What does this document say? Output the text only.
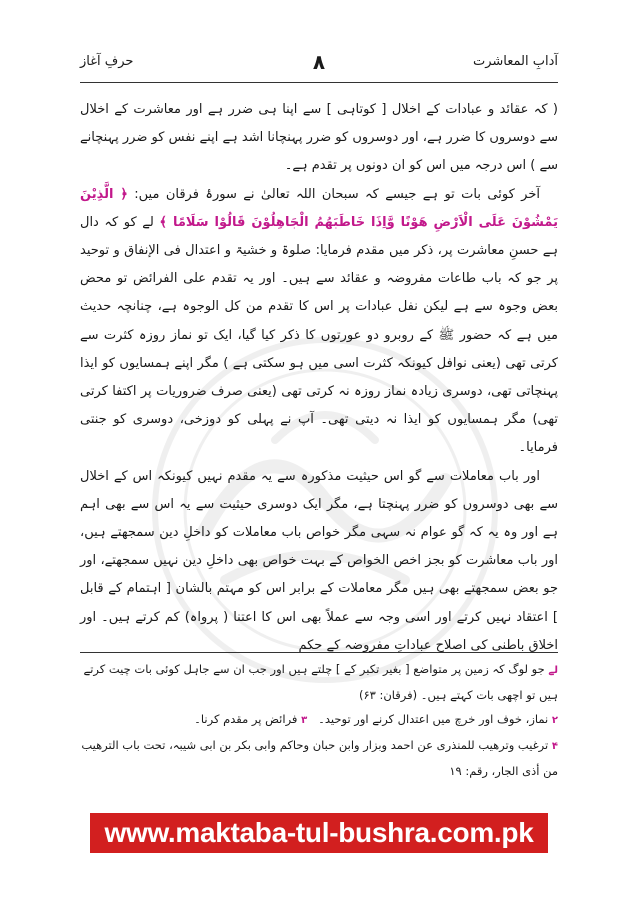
حرفِ آغاز	۸	آدابِ المعاشرت

( کہ عقائد و عبادات کے اخلال [ کوتاہی ] سے اپنا ہی ضرر ہے اور معاشرت کے اخلال سے دوسروں کا ضرر ہے، اور دوسروں کو ضرر پہنچانا اشد ہے اپنے نفس کو ضرر پہنچانے سے ) اس درجہ میں اس کو ان دونوں پر تقدم ہے۔

آخر کوئی بات تو ہے جیسے کہ سبحان اللہ تعالیٰ نے سورۂ فرقان میں: ﴿ الَّذِيْنَ يَمْشُوْنَ عَلَى الْاَرْضِ هَوْنًا وَّاِذَا خَاطَبَهُمُ الْجَاهِلُوْنَ قَالُوْا سَلَامًا ﴾ لے کو کہ دال ہے حسنِ معاشرت پر، ذکر میں مقدم فرمایا: صلوۃ و خشیۃ و اعتدال فی الإنفاق و توحید پر جو کہ باب طاعات مفروضہ و عقائد سے ہیں۔ اور یہ تقدم علی الفرائض تو محض بعض وجوہ سے ہے لیکن نفل عبادات پر اس کا تقدم من کل الوجوہ ہے، چنانچہ حدیث میں ہے کہ حضور ﷺ کے روبرو دو عورتوں کا ذکر کیا گیا، ایک تو نماز روزہ کثرت سے کرتی تھی (یعنی نوافل کیونکہ کثرت اسی میں ہو سکتی ہے ) مگر اپنے ہمسایوں کو ایذا پہنچاتی تھی، دوسری زیادہ نماز روزہ نہ کرتی تھی (یعنی صرف ضروریات پر اکتفا کرتی تھی) مگر ہمسایوں کو ایذا نہ دیتی تھی۔ آپ نے پہلی کو دوزخی، دوسری کو جنتی فرمایا۔

اور باب معاملات سے گو اس حیثیت مذکورہ سے یہ مقدم نہیں کیونکہ اس کے اخلال سے بھی دوسروں کو ضرر پہنچتا ہے، مگر ایک دوسری حیثیت سے یہ اس سے بھی اہم ہے اور وہ یہ کہ گو عوام نہ سہی مگر خواص باب معاملات کو داخلِ دین سمجھتے ہیں، اور باب معاشرت کو بجز اخص الخواص کے بہت خواص بھی داخلِ دین نہیں سمجھتے، اور جو بعض سمجھتے بھی ہیں مگر معاملات کے برابر اس کو مہتم بالشان [ اہتمام کے قابل ] اعتقاد نہیں کرتے اور اسی وجہ سے عملاً بھی اس کا اعتنا ( پرواہ) کم کرتے ہیں۔ اور اخلاق باطنی کی اصلاح عباداتِ مفروضہ کے حکم

لے جو لوگ کہ زمین پر متواضع [ بغیر تکبر کے ] چلتے ہیں اور جب ان سے جاہل کوئی بات چیت کرتے ہیں تو اچھی بات کہتے ہیں۔ (فرقان: ۶۳)

۲ نماز، خوف اور خرچ میں اعتدال کرنے اور توحید۔   ۳ فرائض پر مقدم کرنا۔

۴ ترغیب وترهیب للمنذری عن احمد وبزار وابن حبان وحاکم وابی بکر بن ابی شیبہ، تحت باب الترهیب من أذی الجار، رقم: ۱۹

www.maktaba-tul-bushra.com.pk
